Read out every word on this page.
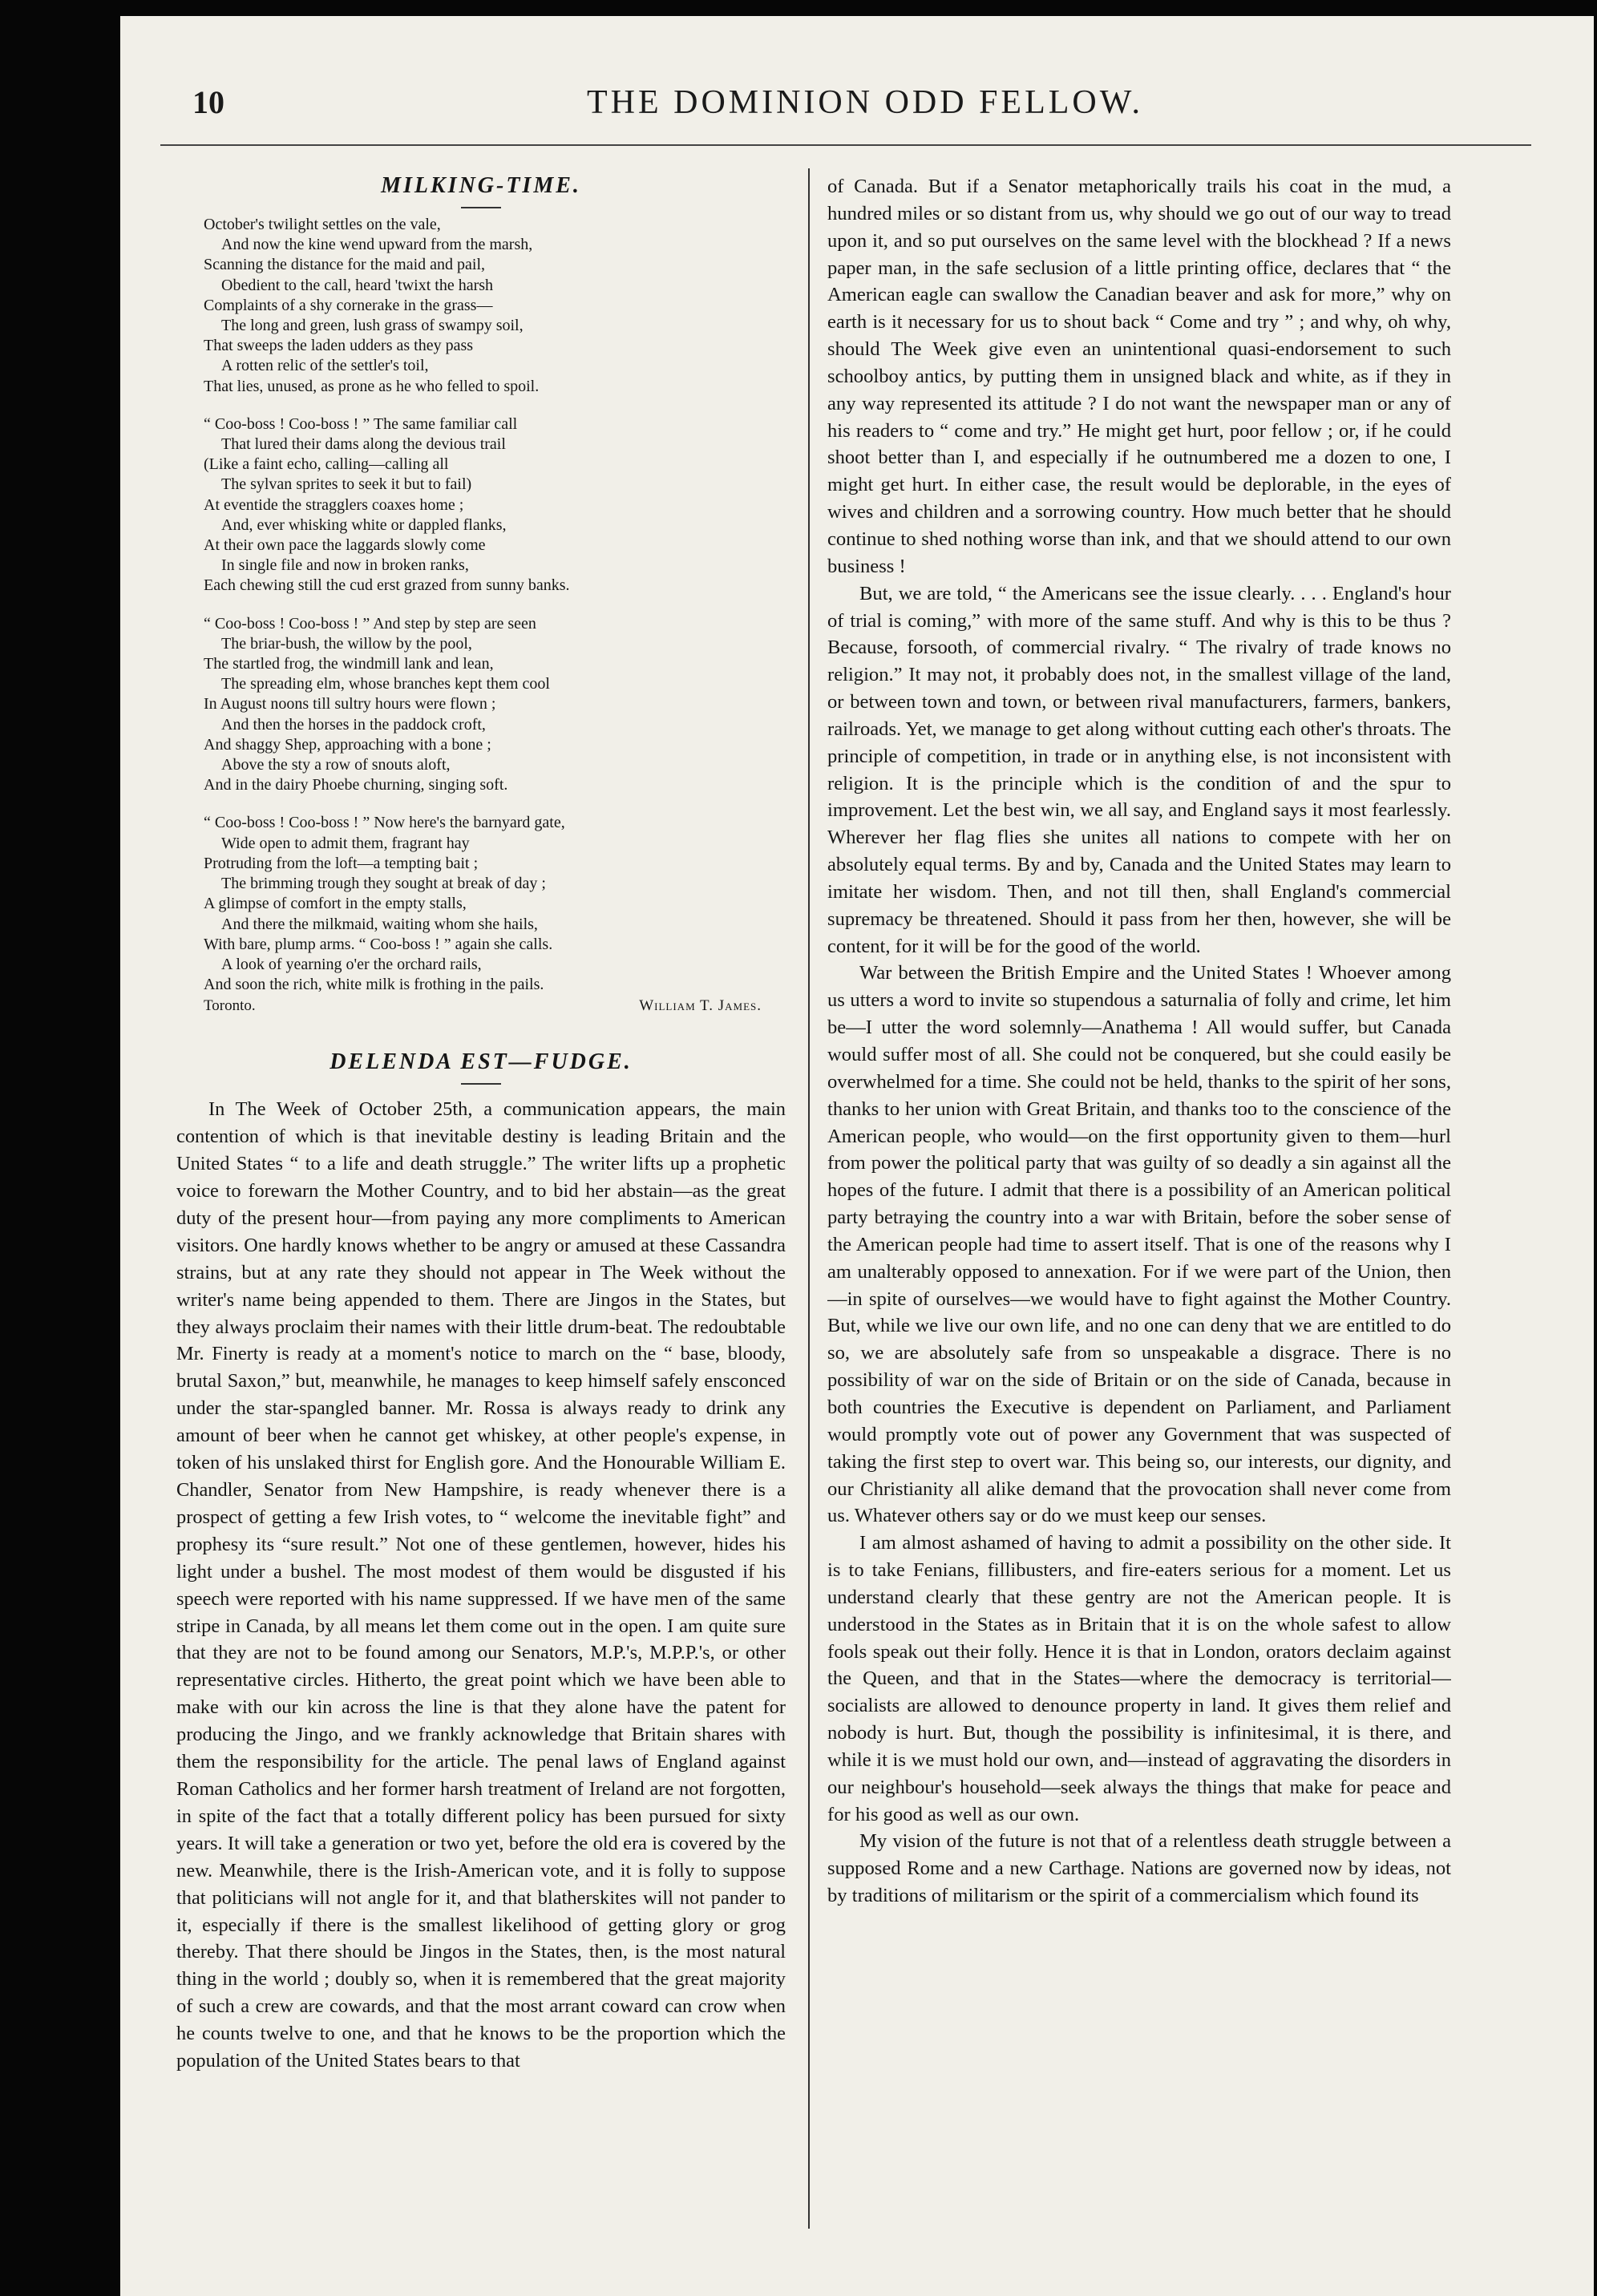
10	THE DOMINION ODD FELLOW.
MILKING-TIME.
October's twilight settles on the vale,
And now the kine wend upward from the marsh,
Scanning the distance for the maid and pail,
Obedient to the call, heard 'twixt the harsh
Complaints of a shy cornerake in the grass—
The long and green, lush grass of swampy soil,
That sweeps the laden udders as they pass
A rotten relic of the settler's toil,
That lies, unused, as prone as he who felled to spoil.
“ Coo-boss ! Coo-boss ! ” The same familiar call
That lured their dams along the devious trail
(Like a faint echo, calling—calling all
The sylvan sprites to seek it but to fail)
At eventide the stragglers coaxes home ;
And, ever whisking white or dappled flanks,
At their own pace the laggards slowly come
In single file and now in broken ranks,
Each chewing still the cud erst grazed from sunny banks.
“ Coo-boss ! Coo-boss ! ” And step by step are seen
The briar-bush, the willow by the pool,
The startled frog, the windmill lank and lean,
The spreading elm, whose branches kept them cool
In August noons till sultry hours were flown ;
And then the horses in the paddock croft,
And shaggy Shep, approaching with a bone ;
Above the sty a row of snouts aloft,
And in the dairy Phoebe churning, singing soft.
“ Coo-boss ! Coo-boss ! ” Now here's the barnyard gate,
Wide open to admit them, fragrant hay
Protruding from the loft—a tempting bait ;
The brimming trough they sought at break of day ;
A glimpse of comfort in the empty stalls,
And there the milkmaid, waiting whom she hails,
With bare, plump arms. “ Coo-boss ! ” again she calls.
A look of yearning o'er the orchard rails,
And soon the rich, white milk is frothing in the pails.
Toronto.	William T. James.
DELENDA EST—FUDGE.

In The Week of October 25th, a communication appears, the main contention of which is that inevitable destiny is leading Britain and the United States “ to a life and death struggle.” The writer lifts up a prophetic voice to forewarn the Mother Country, and to bid her abstain—as the great duty of the present hour—from paying any more compliments to American visitors. One hardly knows whether to be angry or amused at these Cassandra strains, but at any rate they should not appear in The Week without the writer's name being appended to them. There are Jingos in the States, but they always proclaim their names with their little drum-beat. The redoubtable Mr. Finerty is ready at a moment's notice to march on the “ base, bloody, brutal Saxon,” but, meanwhile, he manages to keep himself safely ensconced under the star-spangled banner. Mr. Rossa is always ready to drink any amount of beer when he cannot get whiskey, at other people's expense, in token of his unslaked thirst for English gore. And the Honourable William E. Chandler, Senator from New Hampshire, is ready whenever there is a prospect of getting a few Irish votes, to “ welcome the inevitable fight” and prophesy its “sure result.” Not one of these gentlemen, however, hides his light under a bushel. The most modest of them would be disgusted if his speech were reported with his name suppressed. If we have men of the same stripe in Canada, by all means let them come out in the open. I am quite sure that they are not to be found among our Senators, M.P.'s, M.P.P.'s, or other representative circles. Hitherto, the great point which we have been able to make with our kin across the line is that they alone have the patent for producing the Jingo, and we frankly acknowledge that Britain shares with them the responsibility for the article. The penal laws of England against Roman Catholics and her former harsh treatment of Ireland are not forgotten, in spite of the fact that a totally different policy has been pursued for sixty years. It will take a generation or two yet, before the old era is covered by the new. Meanwhile, there is the Irish-American vote, and it is folly to suppose that politicians will not angle for it, and that blatherskites will not pander to it, especially if there is the smallest likelihood of getting glory or grog thereby. That there should be Jingos in the States, then, is the most natural thing in the world ; doubly so, when it is remembered that the great majority of such a crew are cowards, and that the most arrant coward can crow when he counts twelve to one, and that he knows to be the proportion which the population of the United States bears to that

of Canada. But if a Senator metaphorically trails his coat in the mud, a hundred miles or so distant from us, why should we go out of our way to tread upon it, and so put ourselves on the same level with the blockhead ? If a news paper man, in the safe seclusion of a little printing office, declares that “ the American eagle can swallow the Canadian beaver and ask for more,” why on earth is it necessary for us to shout back “ Come and try ” ; and why, oh why, should The Week give even an unintentional quasi-endorsement to such schoolboy antics, by putting them in unsigned black and white, as if they in any way represented its attitude ? I do not want the newspaper man or any of his readers to “ come and try.” He might get hurt, poor fellow ; or, if he could shoot better than I, and especially if he outnumbered me a dozen to one, I might get hurt. In either case, the result would be deplorable, in the eyes of wives and children and a sorrowing country. How much better that he should continue to shed nothing worse than ink, and that we should attend to our own business !

But, we are told, “ the Americans see the issue clearly. . . . England's hour of trial is coming,” with more of the same stuff. And why is this to be thus ? Because, forsooth, of commercial rivalry. “ The rivalry of trade knows no religion.” It may not, it probably does not, in the smallest village of the land, or between town and town, or between rival manufacturers, farmers, bankers, railroads. Yet, we manage to get along without cutting each other's throats. The principle of competition, in trade or in anything else, is not inconsistent with religion. It is the principle which is the condition of and the spur to improvement. Let the best win, we all say, and England says it most fearlessly. Wherever her flag flies she unites all nations to compete with her on absolutely equal terms. By and by, Canada and the United States may learn to imitate her wisdom. Then, and not till then, shall England's commercial supremacy be threatened. Should it pass from her then, however, she will be content, for it will be for the good of the world.

War between the British Empire and the United States ! Whoever among us utters a word to invite so stupendous a saturnalia of folly and crime, let him be—I utter the word solemnly—Anathema ! All would suffer, but Canada would suffer most of all. She could not be conquered, but she could easily be overwhelmed for a time. She could not be held, thanks to the spirit of her sons, thanks to her union with Great Britain, and thanks too to the conscience of the American people, who would—on the first opportunity given to them—hurl from power the political party that was guilty of so deadly a sin against all the hopes of the future. I admit that there is a possibility of an American political party betraying the country into a war with Britain, before the sober sense of the American people had time to assert itself. That is one of the reasons why I am unalterably opposed to annexation. For if we were part of the Union, then—in spite of ourselves—we would have to fight against the Mother Country. But, while we live our own life, and no one can deny that we are entitled to do so, we are absolutely safe from so unspeakable a disgrace. There is no possibility of war on the side of Britain or on the side of Canada, because in both countries the Executive is dependent on Parliament, and Parliament would promptly vote out of power any Government that was suspected of taking the first step to overt war. This being so, our interests, our dignity, and our Christianity all alike demand that the provocation shall never come from us. Whatever others say or do we must keep our senses.

I am almost ashamed of having to admit a possibility on the other side. It is to take Fenians, fillibusters, and fire-eaters serious for a moment. Let us understand clearly that these gentry are not the American people. It is understood in the States as in Britain that it is on the whole safest to allow fools speak out their folly. Hence it is that in London, orators declaim against the Queen, and that in the States—where the democracy is territorial—socialists are allowed to denounce property in land. It gives them relief and nobody is hurt. But, though the possibility is infinitesimal, it is there, and while it is we must hold our own, and—instead of aggravating the disorders in our neighbour's household—seek always the things that make for peace and for his good as well as our own.

My vision of the future is not that of a relentless death struggle between a supposed Rome and a new Carthage. Nations are governed now by ideas, not by traditions of militarism or the spirit of a commercialism which found its
